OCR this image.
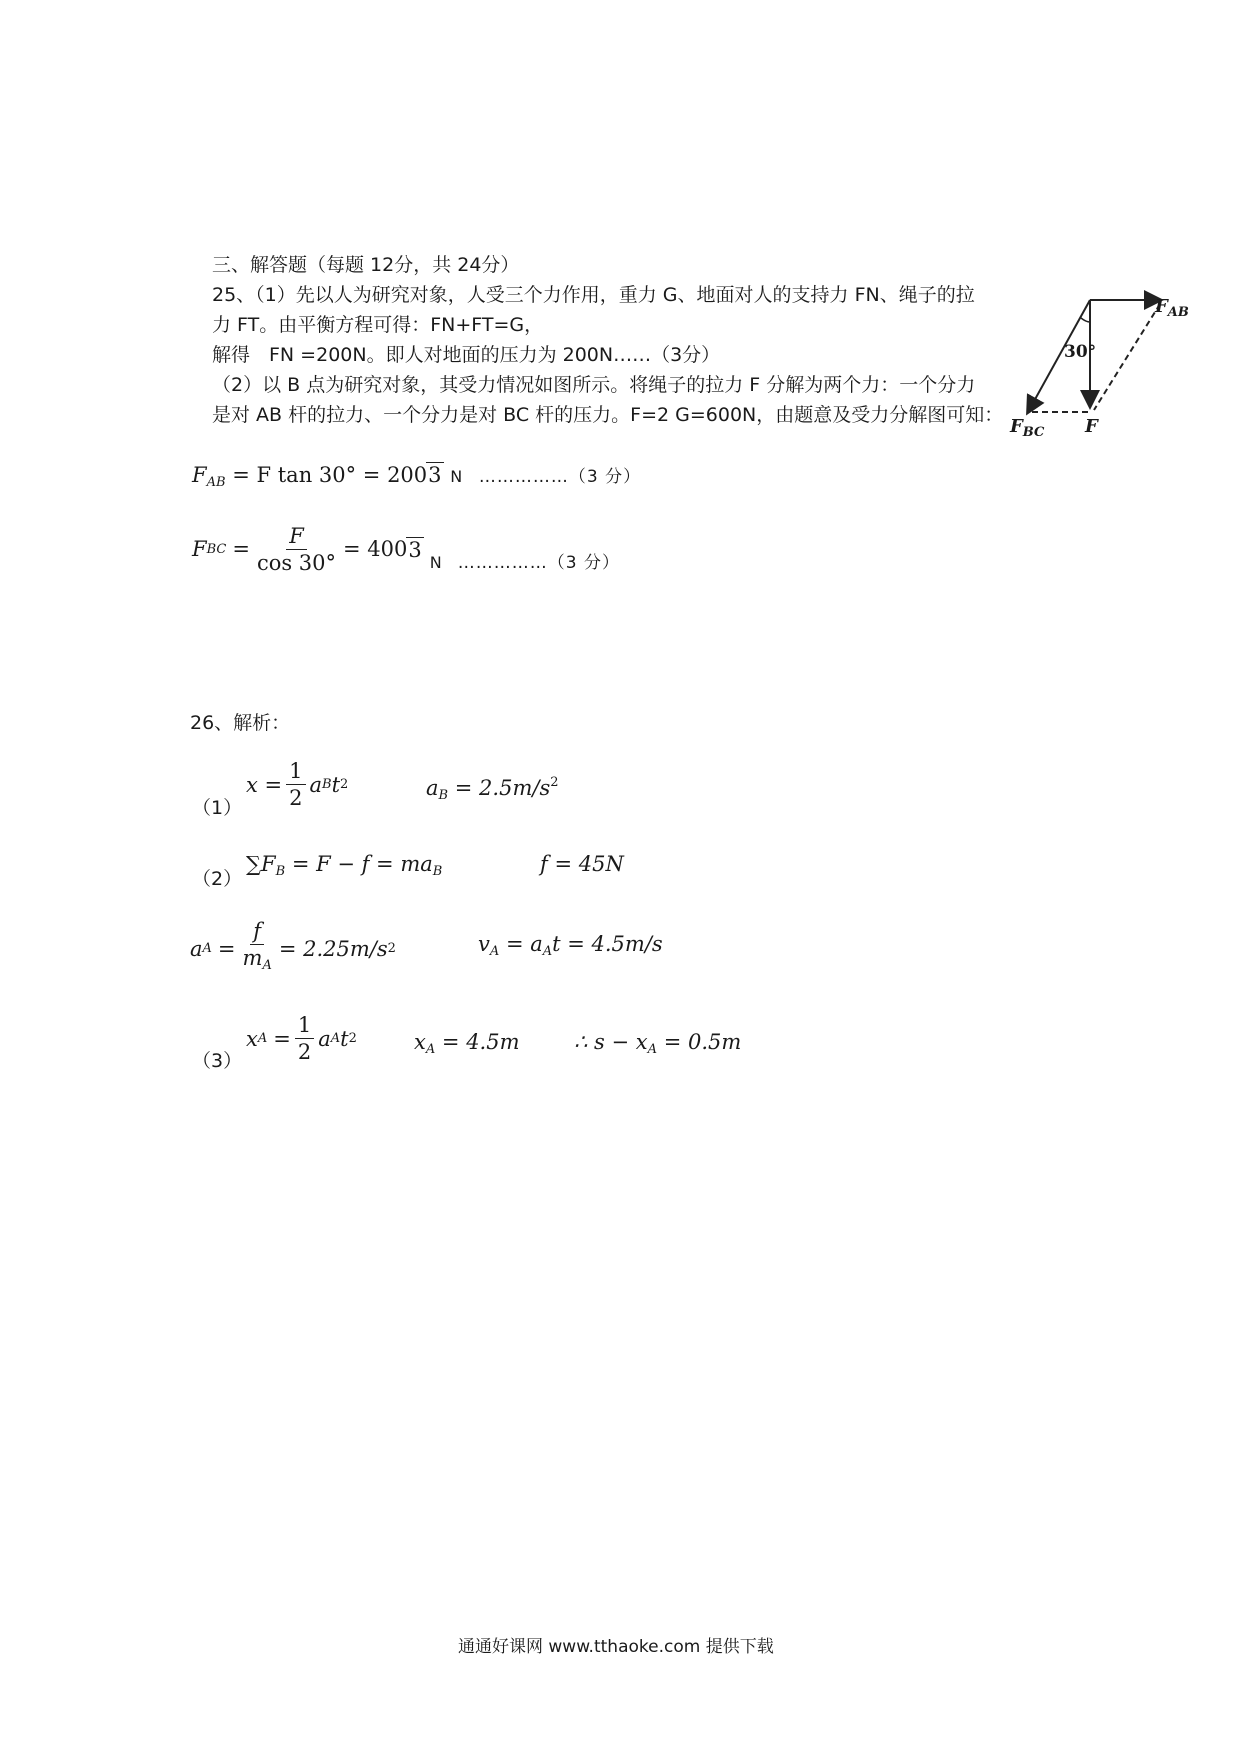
三、解答题（每题 12分，共 24分）
25、（1）先以人为研究对象，人受三个力作用，重力 G、地面对人的支持力 FN、绳子的拉
力 FT。由平衡方程可得：FN+FT=G，
解得　FN =200N。即人对地面的压力为 200N……（3分）
（2）以 B 点为研究对象，其受力情况如图所示。将绳子的拉力 F 分解为两个力：一个分力
是对 AB 杆的拉力、一个分力是对 BC 杆的压力。F=2 G=600N，由题意及受力分解图可知：
$F_{AB}$
30°
$F_{BC}$ F
$F_{AB} = F$ tan 30° = 2003 N ……………（3 分）
F BC = $\frac{F}{\cos 30^\circ} = 400$ 3
N ……………（3 分）
26、解析：
（1）
$x = \frac{1}{2}$ a B t 2	$a_B = 2.5m/s^2$
（2）
$\sum F_B = F - f = ma_B$	f = 45N
a $A = \frac{f}{m_A} = 2.25m/s$ 2	$v_A = a_At = 4.5m/s$
（3）
x $A = \frac{1}{2}$ a A t 2	$x_A = 4.5m$	∴ $s - x_A = 0.5m$
通通好课网 www.tthaoke.com 提供下载
